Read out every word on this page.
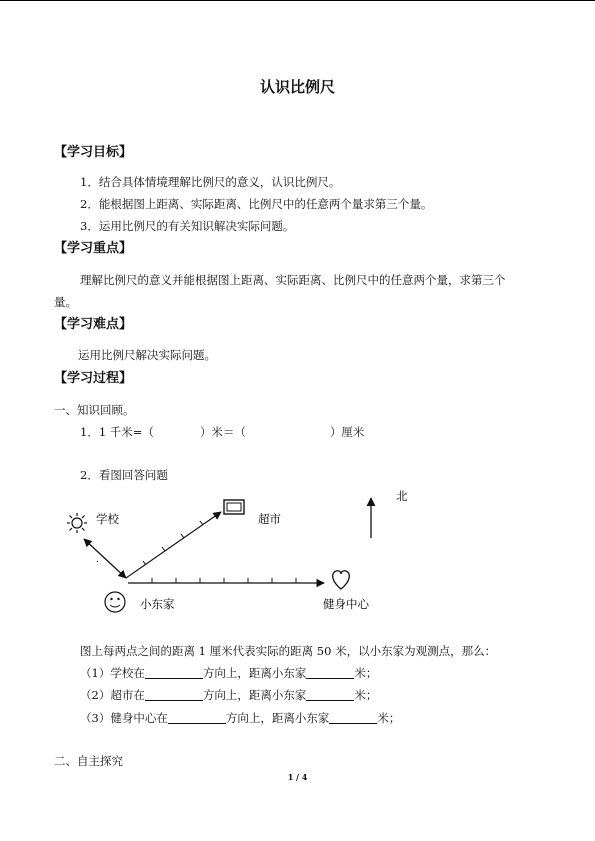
认识比例尺
【学习目标】
1．结合具体情境理解比例尺的意义，认识比例尺。
2．能根据图上距离、实际距离、比例尺中的任意两个量求第三个量。
3．运用比例尺的有关知识解决实际问题。
【学习重点】
理解比例尺的意义并能根据图上距离、实际距离、比例尺中的任意两个量，求第三个
量。
【学习难点】
运用比例尺解决实际问题。
【学习过程】
一、知识回顾。
1．1 千米=（	）米＝（	）厘米
2．看图回答问题
北
学校	超市
小东家	健身中心
图上每两点之间的距离 1 厘米代表实际的距离 50 米，以小东家为观测点，那么：
（1）学校在	方向上，距离小东家	米；
（2）超市在	方向上，距离小东家	米；
（3）健身中心在	方向上，距离小东家	米；
二、自主探究
1 / 4
